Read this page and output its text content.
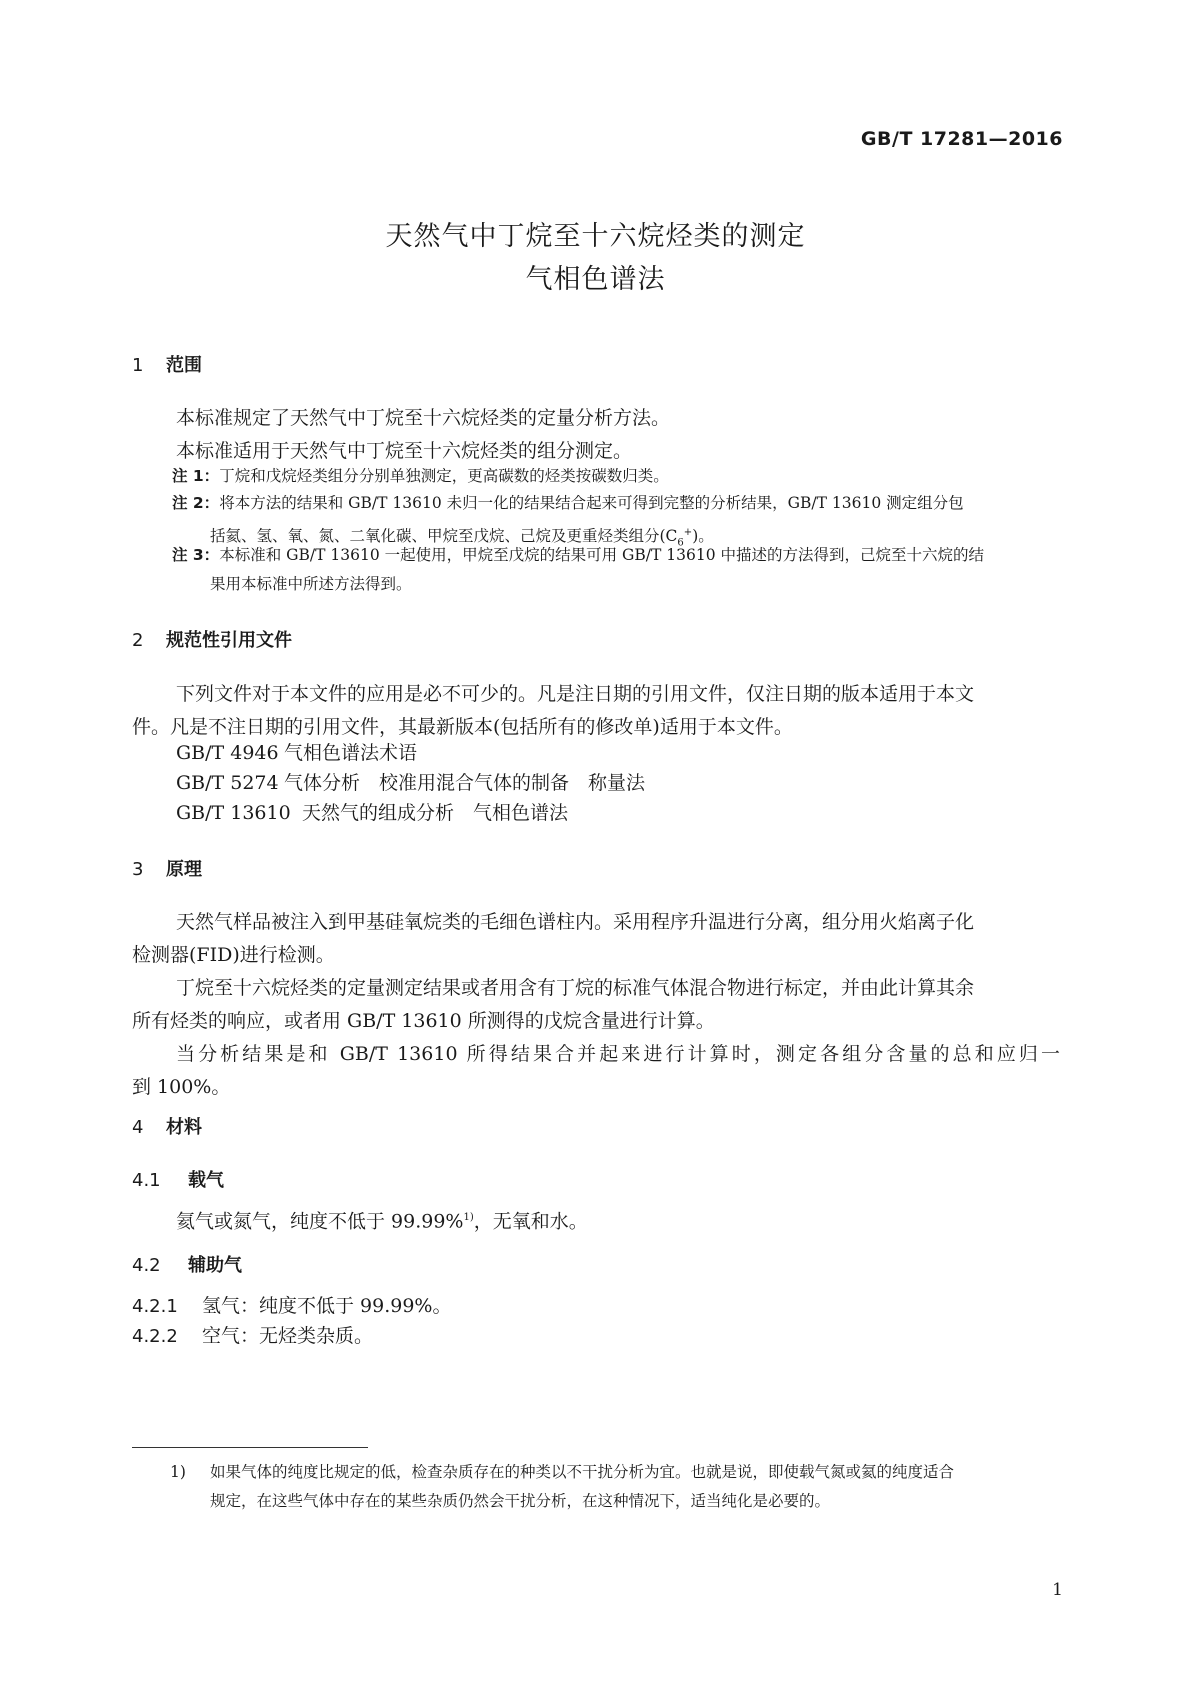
GB/T 17281—2016
天然气中丁烷至十六烷烃类的测定
气相色谱法
1 范围
本标准规定了天然气中丁烷至十六烷烃类的定量分析方法。
本标准适用于天然气中丁烷至十六烷烃类的组分测定。
注 1：丁烷和戊烷烃类组分分别单独测定，更高碳数的烃类按碳数归类。
注 2：将本方法的结果和 GB/T 13610 未归一化的结果结合起来可得到完整的分析结果，GB/T 13610 测定组分包
括氦、氢、氧、氮、二氧化碳、甲烷至戊烷、己烷及更重烃类组分$(C_6^+)$。
注 3：本标准和 GB/T 13610 一起使用，甲烷至戊烷的结果可用 GB/T 13610 中描述的方法得到，己烷至十六烷的结
果用本标准中所述方法得到。
2 规范性引用文件
下列文件对于本文件的应用是必不可少的。凡是注日期的引用文件，仅注日期的版本适用于本文
件。凡是不注日期的引用文件，其最新版本(包括所有的修改单)适用于本文件。
GB/T 4946 气相色谱法术语
GB/T 5274 气体分析　校准用混合气体的制备　称量法
GB/T 13610 天然气的组成分析　气相色谱法
3 原理
天然气样品被注入到甲基硅氧烷类的毛细色谱柱内。采用程序升温进行分离，组分用火焰离子化
检测器(FID)进行检测。
丁烷至十六烷烃类的定量测定结果或者用含有丁烷的标准气体混合物进行标定，并由此计算其余
所有烃类的响应，或者用 GB/T 13610 所测得的戊烷含量进行计算。
当分析结果是和 GB/T 13610 所得结果合并起来进行计算时，测定各组分含量的总和应归一
到 100%。
4 材料
4.1 载气
氦气或氮气，纯度不低于 99.99%$^{1)}$，无氧和水。
4.2 辅助气
4.2.1 氢气：纯度不低于 99.99%。
4.2.2 空气：无烃类杂质。
1) 如果气体的纯度比规定的低，检查杂质存在的种类以不干扰分析为宜。也就是说，即使载气氮或氦的纯度适合
规定，在这些气体中存在的某些杂质仍然会干扰分析，在这种情况下，适当纯化是必要的。
1
